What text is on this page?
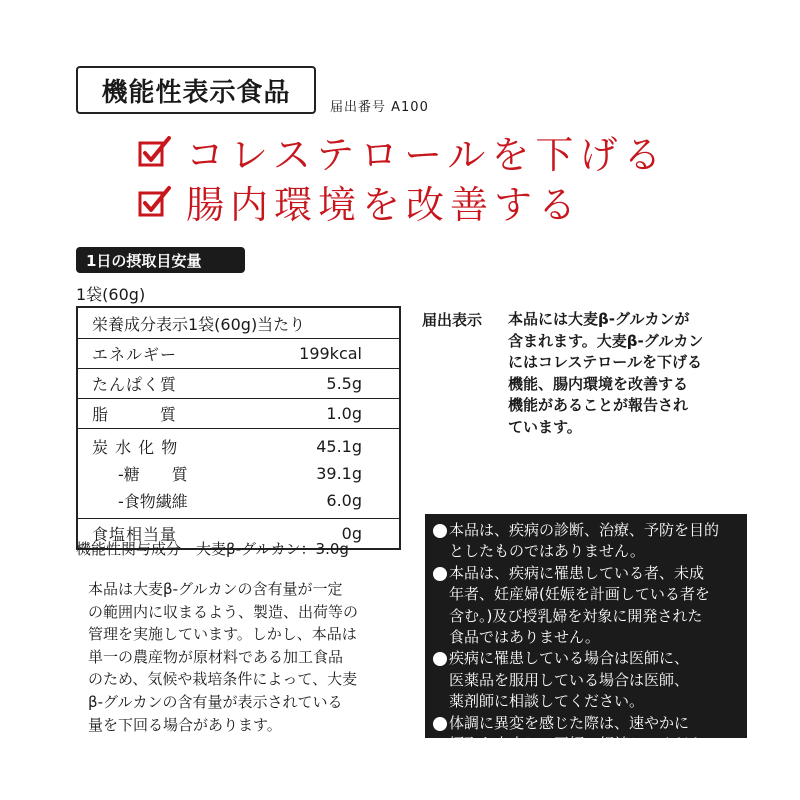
機能性表示食品	届出番号 A100
コレステロールを下げる
腸内環境を改善する
1日の摂取目安量
1袋(60g)
栄養成分表示1袋(60g)当たり
エネルギー	199kcal
たんぱく質	5.5g
脂　　　質	1.0g
炭 水 化 物	45.1g
-糖　　質	39.1g
-食物繊維	6.0g
食塩相当量	0g
機能性関与成分　大麦β-グルカン：3.0g
本品は大麦β-グルカンの含有量が一定
の範囲内に収まるよう、製造、出荷等の
管理を実施しています。しかし、本品は
単一の農産物が原材料である加工食品
のため、気候や栽培条件によって、大麦
β-グルカンの含有量が表示されている
量を下回る場合があります。
届出表示 本品には大麦β-グルカンが
含まれます。大麦β-グルカン
にはコレステロールを下げる
機能、腸内環境を改善する
機能があることが報告され
ています。
本品は、疾病の診断、治療、予防を目的
としたものではありません。
本品は、疾病に罹患している者、未成
年者、妊産婦(妊娠を計画している者を
含む。)及び授乳婦を対象に開発された
食品ではありません。
疾病に罹患している場合は医師に、
医薬品を服用している場合は医師、
薬剤師に相談してください。
体調に異変を感じた際は、速やかに
摂取を中止し、医師に相談してください。
